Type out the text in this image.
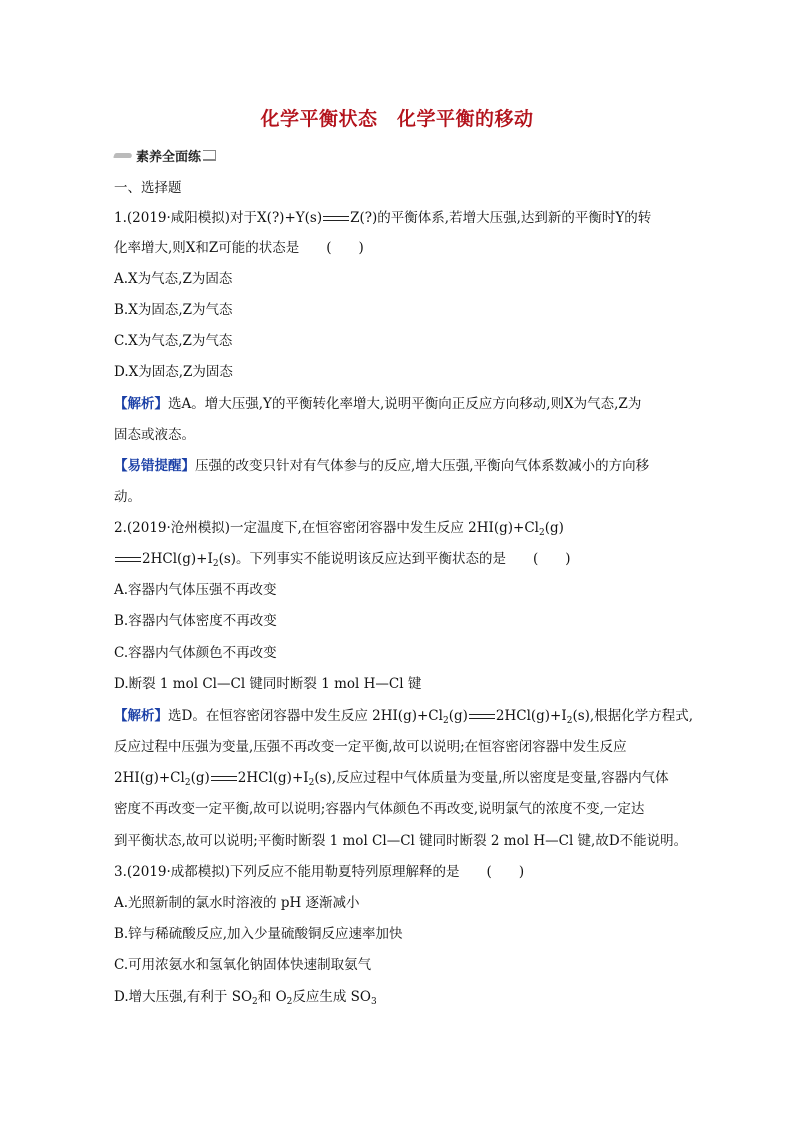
化学平衡状态　化学平衡的移动
素养全面练
一、选择题
1.(2019·咸阳模拟)对于X(?)+Y(s) Z(?)的平衡体系,若增大压强,达到新的平衡时Y的转
化率增大,则X和Z可能的状态是　　(　　)
A.X为气态,Z为固态
B.X为固态,Z为气态
C.X为气态,Z为气态
D.X为固态,Z为固态
【解析】选A。增大压强,Y的平衡转化率增大,说明平衡向正反应方向移动,则X为气态,Z为
固态或液态。
【易错提醒】压强的改变只针对有气体参与的反应,增大压强,平衡向气体系数减小的方向移
动。
2.(2019·沧州模拟)一定温度下,在恒容密闭容器中发生反应 $2HI(g)+Cl_2(g)$
$2HCl(g)+I_2(s)$。下列事实不能说明该反应达到平衡状态的是　　(　　)
A.容器内气体压强不再改变
B.容器内气体密度不再改变
C.容器内气体颜色不再改变
D.断裂 1 mol Cl—Cl 键同时断裂 1 mol H—Cl 键
【解析】选D。在恒容密闭容器中发生反应 $2HI(g)+Cl_2(g)$ $2HCl(g)+I_2(s)$,根据化学方程式,
反应过程中压强为变量,压强不再改变一定平衡,故可以说明;在恒容密闭容器中发生反应
$2HI(g)+Cl_2(g)$ $2HCl(g)+I_2(s)$,反应过程中气体质量为变量,所以密度是变量,容器内气体
密度不再改变一定平衡,故可以说明;容器内气体颜色不再改变,说明氯气的浓度不变,一定达
到平衡状态,故可以说明;平衡时断裂 1 mol Cl—Cl 键同时断裂 2 mol H—Cl 键,故D不能说明。
3.(2019·成都模拟)下列反应不能用勒夏特列原理解释的是　　(　　)
A.光照新制的氯水时溶液的 pH 逐渐减小
B.锌与稀硫酸反应,加入少量硫酸铜反应速率加快
C.可用浓氨水和氢氧化钠固体快速制取氨气
D.增大压强,有利于 $SO_2$和 $O_2$反应生成 $SO_3$
